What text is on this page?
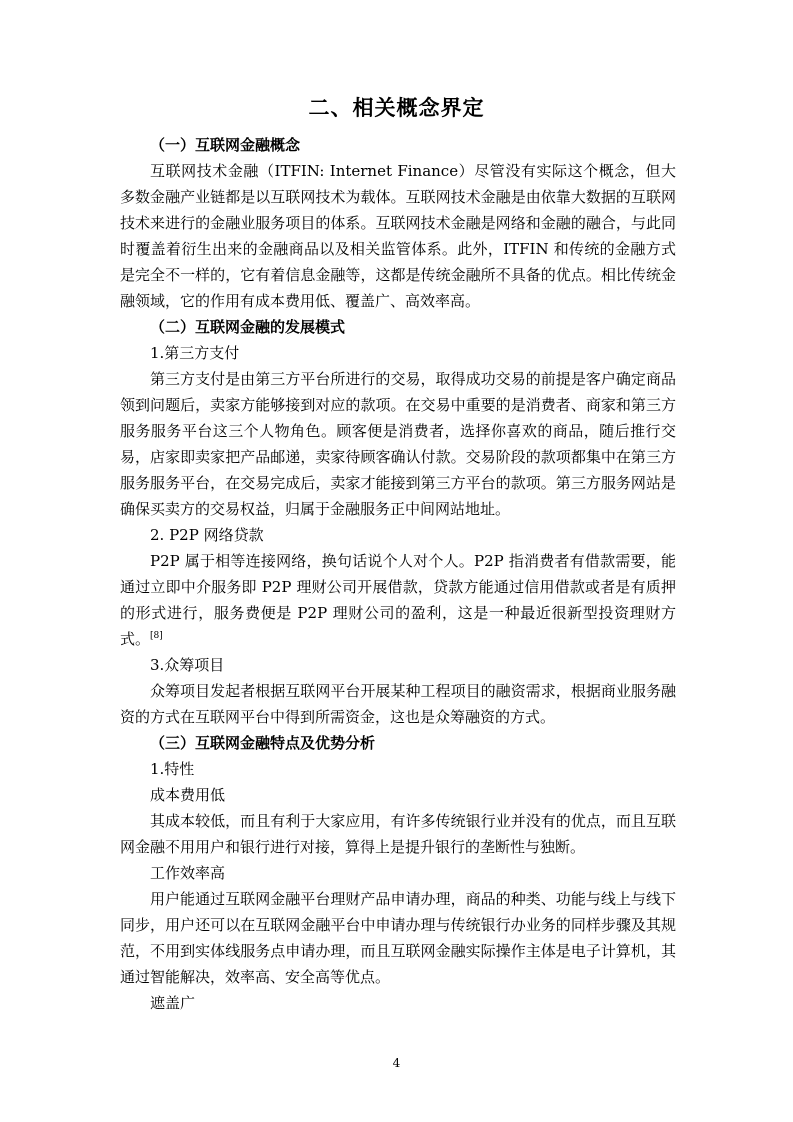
二、相关概念界定

（一）互联网金融概念

互联网技术金融（ITFIN: Internet Finance）尽管没有实际这个概念，但大多数金融产业链都是以互联网技术为载体。互联网技术金融是由依靠大数据的互联网技术来进行的金融业服务项目的体系。互联网技术金融是网络和金融的融合，与此同时覆盖着衍生出来的金融商品以及相关监管体系。此外，ITFIN 和传统的金融方式是完全不一样的，它有着信息金融等，这都是传统金融所不具备的优点。相比传统金融领域，它的作用有成本费用低、覆盖广、高效率高。

（二）互联网金融的发展模式

1.第三方支付

第三方支付是由第三方平台所进行的交易，取得成功交易的前提是客户确定商品领到问题后，卖家方能够接到对应的款项。在交易中重要的是消费者、商家和第三方服务服务平台这三个人物角色。顾客便是消费者，选择你喜欢的商品，随后推行交易，店家即卖家把产品邮递，卖家待顾客确认付款。交易阶段的款项都集中在第三方服务服务平台，在交易完成后，卖家才能接到第三方平台的款项。第三方服务网站是确保买卖方的交易权益，归属于金融服务正中间网站地址。

2. P2P 网络贷款

P2P 属于相等连接网络，换句话说个人对个人。P2P 指消费者有借款需要，能通过立即中介服务即 P2P 理财公司开展借款，贷款方能通过信用借款或者是有质押的形式进行，服务费便是 P2P 理财公司的盈利，这是一种最近很新型投资理财方式。[8]

3.众筹项目

众筹项目发起者根据互联网平台开展某种工程项目的融资需求，根据商业服务融资的方式在互联网平台中得到所需资金，这也是众筹融资的方式。

（三）互联网金融特点及优势分析

1.特性

成本费用低

其成本较低，而且有利于大家应用，有许多传统银行业并没有的优点，而且互联网金融不用用户和银行进行对接，算得上是提升银行的垄断性与独断。

工作效率高

用户能通过互联网金融平台理财产品申请办理，商品的种类、功能与线上与线下同步，用户还可以在互联网金融平台中申请办理与传统银行办业务的同样步骤及其规范，不用到实体线服务点申请办理，而且互联网金融实际操作主体是电子计算机，其通过智能解决，效率高、安全高等优点。

遮盖广

4
